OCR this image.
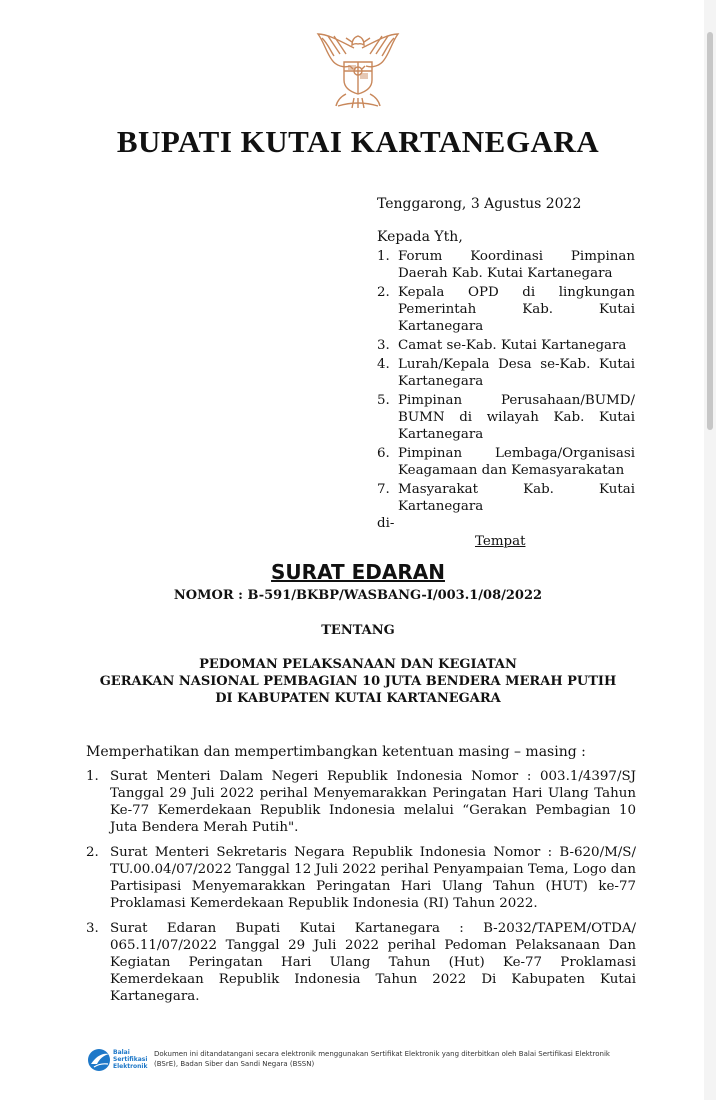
BUPATI KUTAI KARTANEGARA
Tenggarong, 3 Agustus 2022
Kepada Yth,
1. Forum Koordinasi Pimpinan Daerah Kab. Kutai Kartanegara
2. Kepala OPD di lingkungan Pemerintah Kab. Kutai Kartanegara
3. Camat se-Kab. Kutai Kartanegara
4. Lurah/Kepala Desa se-Kab. Kutai Kartanegara
5. Pimpinan Perusahaan/BUMD/ BUMN di wilayah Kab. Kutai Kartanegara
6. Pimpinan Lembaga/Organisasi Keagamaan dan Kemasyarakatan
7. Masyarakat Kab. Kutai Kartanegara
di-
Tempat
SURAT EDARAN
NOMOR : B-591/BKBP/WASBANG-I/003.1/08/2022
TENTANG
PEDOMAN PELAKSANAAN DAN KEGIATAN
GERAKAN NASIONAL PEMBAGIAN 10 JUTA BENDERA MERAH PUTIH
DI KABUPATEN KUTAI KARTANEGARA
Memperhatikan dan mempertimbangkan ketentuan masing – masing :
1. Surat Menteri Dalam Negeri Republik Indonesia Nomor : 003.1/4397/SJ Tanggal 29 Juli 2022 perihal Menyemarakkan Peringatan Hari Ulang Tahun Ke-77 Kemerdekaan Republik Indonesia melalui “Gerakan Pembagian 10 Juta Bendera Merah Putih".
2. Surat Menteri Sekretaris Negara Republik Indonesia Nomor : B-620/M/S/ TU.00.04/07/2022 Tanggal 12 Juli 2022 perihal Penyampaian Tema, Logo dan Partisipasi Menyemarakkan Peringatan Hari Ulang Tahun (HUT) ke-77 Proklamasi Kemerdekaan Republik Indonesia (RI) Tahun 2022.
3. Surat Edaran Bupati Kutai Kartanegara : B-2032/TAPEM/OTDA/ 065.11/07/2022 Tanggal 29 Juli 2022 perihal Pedoman Pelaksanaan Dan Kegiatan Peringatan Hari Ulang Tahun (Hut) Ke-77 Proklamasi Kemerdekaan Republik Indonesia Tahun 2022 Di Kabupaten Kutai Kartanegara.
Balai
Sertifikasi
Elektronik
Dokumen ini ditandatangani secara elektronik menggunakan Sertifikat Elektronik yang diterbitkan oleh Balai Sertifikasi Elektronik (BSrE), Badan Siber dan Sandi Negara (BSSN)
